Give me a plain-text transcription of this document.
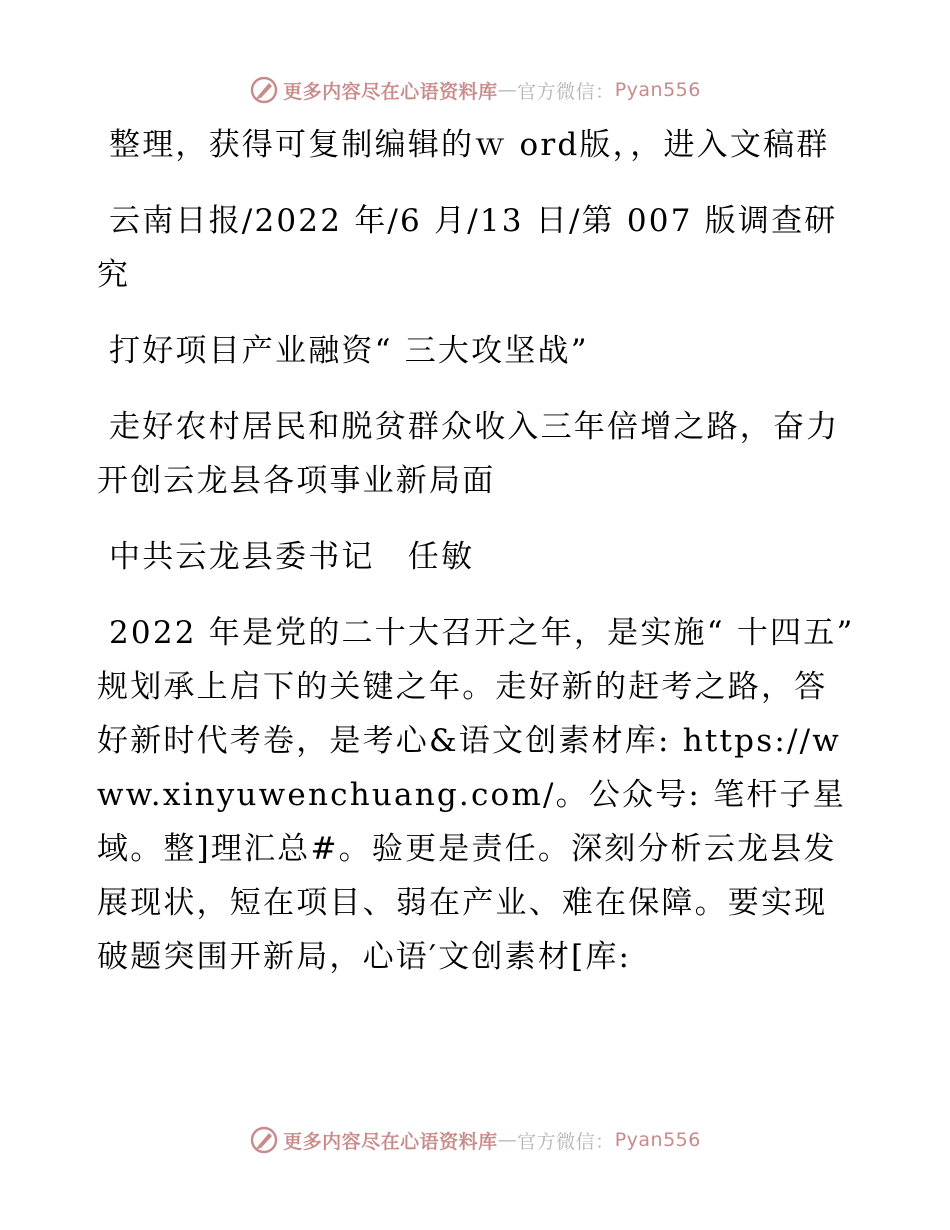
更多内容尽在心语资料库 — 官方微信： Pyan556

整理，获得可复制编辑的ｗ ord版，，进入文稿群

云南日报/2022 年/6 月/13 日/第 007 版调查研究

打好项目产业融资“ 三大攻坚战”

走好农村居民和脱贫群众收入三年倍增之路，奋力开创云龙县各项事业新局面

中共云龙县委书记　任敏

2022 年是党的二十大召开之年，是实施“ 十四五” 规划承上启下的关键之年。走好新的赶考之路，答好新时代考卷，是考心&语文创素材库: https://www.xinyuwenchuang.com/。公众号: 笔杆子星域。整]理汇总#。验更是责任。深刻分析云龙县发展现状，短在项目、弱在产业、难在保障。要实现破题突围开新局，心语′文创素材[库:

更多内容尽在心语资料库 — 官方微信： Pyan556
